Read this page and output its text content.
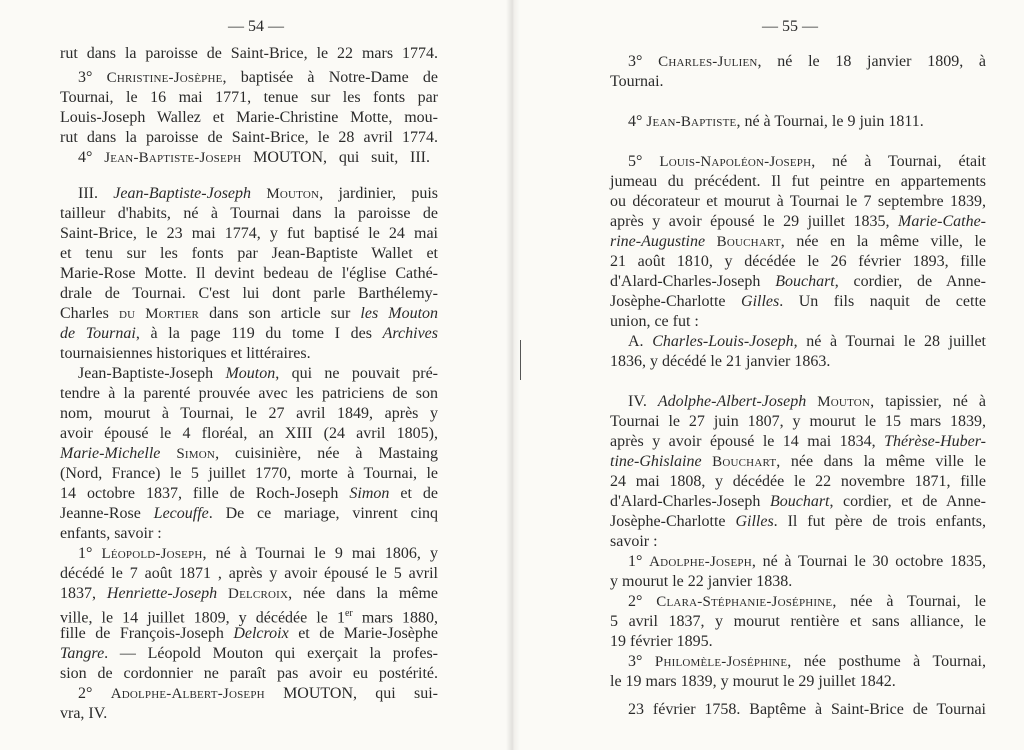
— 54 —
rut dans la paroisse de Saint-Brice, le 22 mars 1774.
3° Christine-Josèphe, baptisée à Notre-Dame de
Tournai, le 16 mai 1771, tenue sur les fonts par
Louis-Joseph Wallez et Marie-Christine Motte, mou-
rut dans la paroisse de Saint-Brice, le 28 avril 1774.
4° Jean-Baptiste-Joseph MOUTON, qui suit, III.
III. Jean-Baptiste-Joseph Mouton, jardinier, puis
tailleur d'habits, né à Tournai dans la paroisse de
Saint-Brice, le 23 mai 1774, y fut baptisé le 24 mai
et tenu sur les fonts par Jean-Baptiste Wallet et
Marie-Rose Motte. Il devint bedeau de l'église Cathé-
drale de Tournai. C'est lui dont parle Barthélemy-
Charles du Mortier dans son article sur les Mouton
de Tournai, à la page 119 du tome I des Archives
tournaisiennes historiques et littéraires.
Jean-Baptiste-Joseph Mouton, qui ne pouvait pré-
tendre à la parenté prouvée avec les patriciens de son
nom, mourut à Tournai, le 27 avril 1849, après y
avoir épousé le 4 floréal, an XIII (24 avril 1805),
Marie-Michelle Simon, cuisinière, née à Mastaing
(Nord, France) le 5 juillet 1770, morte à Tournai, le
14 octobre 1837, fille de Roch-Joseph Simon et de
Jeanne-Rose Lecouffe. De ce mariage, vinrent cinq
enfants, savoir :
1° Léopold-Joseph, né à Tournai le 9 mai 1806, y
décédé le 7 août 1871 , après y avoir épousé le 5 avril
1837, Henriette-Joseph Delcroix, née dans la même
ville, le 14 juillet 1809, y décédée le 1er mars 1880,
fille de François-Joseph Delcroix et de Marie-Josèphe
Tangre. — Léopold Mouton qui exerçait la profes-
sion de cordonnier ne paraît pas avoir eu postérité.
2° Adolphe-Albert-Joseph MOUTON, qui sui-
vra, IV.
— 55 —
3° Charles-Julien, né le 18 janvier 1809, à
Tournai.
4° Jean-Baptiste, né à Tournai, le 9 juin 1811.
5° Louis-Napoléon-Joseph, né à Tournai, était
jumeau du précédent. Il fut peintre en appartements
ou décorateur et mourut à Tournai le 7 septembre 1839,
après y avoir épousé le 29 juillet 1835, Marie-Cathe-
rine-Augustine Bouchart, née en la même ville, le
21 août 1810, y décédée le 26 février 1893, fille
d'Alard-Charles-Joseph Bouchart, cordier, de Anne-
Josèphe-Charlotte Gilles. Un fils naquit de cette
union, ce fut :
A. Charles-Louis-Joseph, né à Tournai le 28 juillet
1836, y décédé le 21 janvier 1863.
IV. Adolphe-Albert-Joseph Mouton, tapissier, né à
Tournai le 27 juin 1807, y mourut le 15 mars 1839,
après y avoir épousé le 14 mai 1834, Thérèse-Huber-
tine-Ghislaine Bouchart, née dans la même ville le
24 mai 1808, y décédée le 22 novembre 1871, fille
d'Alard-Charles-Joseph Bouchart, cordier, et de Anne-
Josèphe-Charlotte Gilles. Il fut père de trois enfants,
savoir :
1° Adolphe-Joseph, né à Tournai le 30 octobre 1835,
y mourut le 22 janvier 1838.
2° Clara-Stéphanie-Joséphine, née à Tournai, le
5 avril 1837, y mourut rentière et sans alliance, le
19 février 1895.
3° Philomèle-Joséphine, née posthume à Tournai,
le 19 mars 1839, y mourut le 29 juillet 1842.
23 février 1758. Baptême à Saint-Brice de Tournai
